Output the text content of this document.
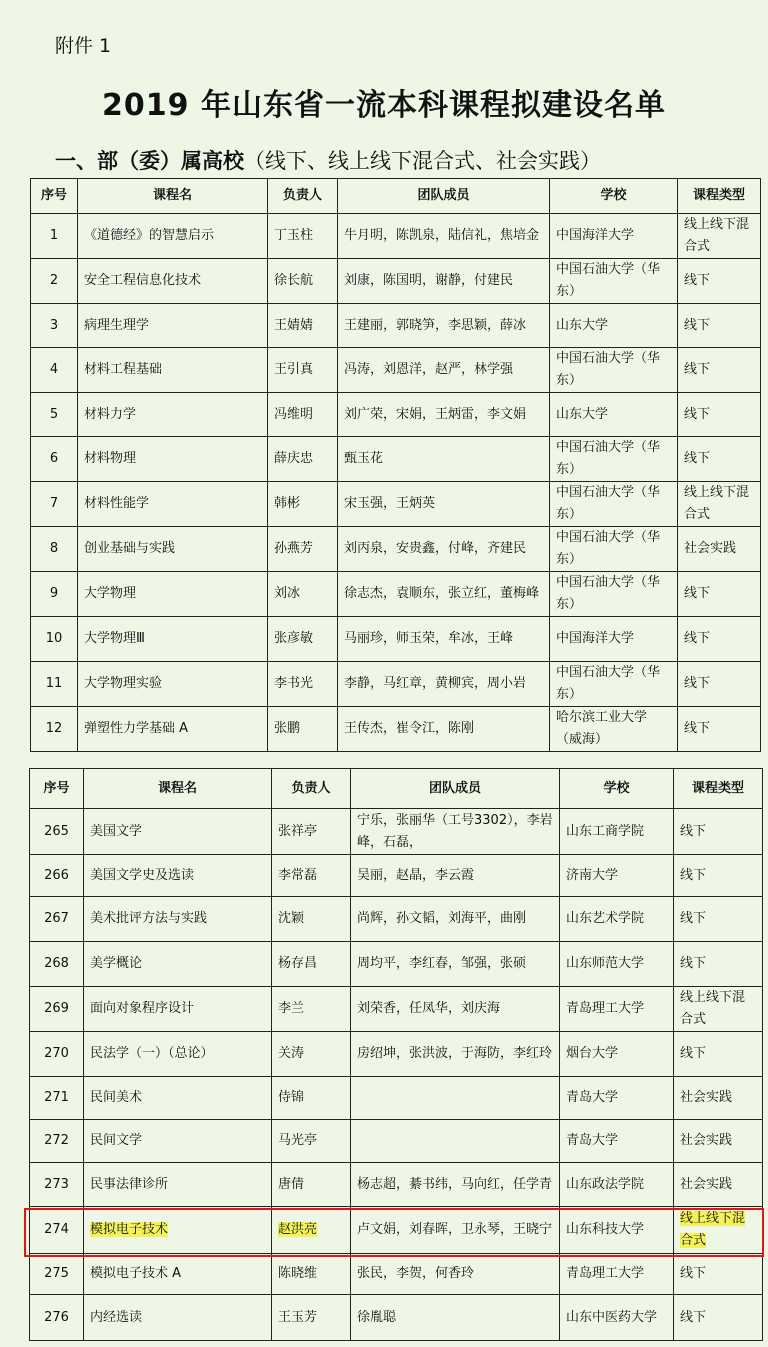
附件 1
2019 年山东省一流本科课程拟建设名单
一、部（委）属高校（线下、线上线下混合式、社会实践）
序号	课程名	负责人	团队成员	学校	课程类型
1	《道德经》的智慧启示	丁玉柱	牛月明，陈凯泉，陆信礼，焦培金	中国海洋大学	线上线下混合式
2	安全工程信息化技术	徐长航	刘康，陈国明，谢静，付建民	中国石油大学（华东）	线下
3	病理生理学	王婧婧	王建丽，郭晓笋，李思颖，薛冰	山东大学	线下
4	材料工程基础	王引真	冯涛，刘恩洋，赵严，林学强	中国石油大学（华东）	线下
5	材料力学	冯维明	刘广荣，宋娟，王炳雷，李文娟	山东大学	线下
6	材料物理	薛庆忠	甄玉花	中国石油大学（华东）	线下
7	材料性能学	韩彬	宋玉强，王炳英	中国石油大学（华东）	线上线下混合式
8	创业基础与实践	孙燕芳	刘丙泉，安贵鑫，付峰，齐建民	中国石油大学（华东）	社会实践
9	大学物理	刘冰	徐志杰，袁顺东，张立红，董梅峰	中国石油大学（华东）	线下
10	大学物理Ⅲ	张彦敏	马丽珍，师玉荣，牟冰，王峰	中国海洋大学	线下
11	大学物理实验	李书光	李静，马红章，黄柳宾，周小岩	中国石油大学（华东）	线下
12	弹塑性力学基础 A	张鹏	王传杰，崔令江，陈刚	哈尔滨工业大学（威海）	线下
序号	课程名	负责人	团队成员	学校	课程类型
265	美国文学	张祥亭	宁乐，张丽华（工号3302），李岩峰，石磊，	山东工商学院	线下
266	美国文学史及选读	李常磊	吴丽，赵晶，李云霞	济南大学	线下
267	美术批评方法与实践	沈颖	尚辉，孙文韬，刘海平，曲刚	山东艺术学院	线下
268	美学概论	杨存昌	周均平，李红春，邹强，张硕	山东师范大学	线下
269	面向对象程序设计	李兰	刘荣香，任凤华，刘庆海	青岛理工大学	线上线下混合式
270	民法学（一）（总论）	关涛	房绍坤，张洪波，于海防，李红玲	烟台大学	线下
271	民间美术	侍锦		青岛大学	社会实践
272	民间文学	马光亭		青岛大学	社会实践
273	民事法律诊所	唐倩	杨志超，綦书纬，马向红，任学青	山东政法学院	社会实践
274	模拟电子技术	赵洪亮	卢文娟，刘春晖，卫永琴，王晓宁	山东科技大学	线上线下混合式
275	模拟电子技术 A	陈晓维	张民，李贺，何香玲	青岛理工大学	线下
276	内经选读	王玉芳	徐胤聪	山东中医药大学	线下
